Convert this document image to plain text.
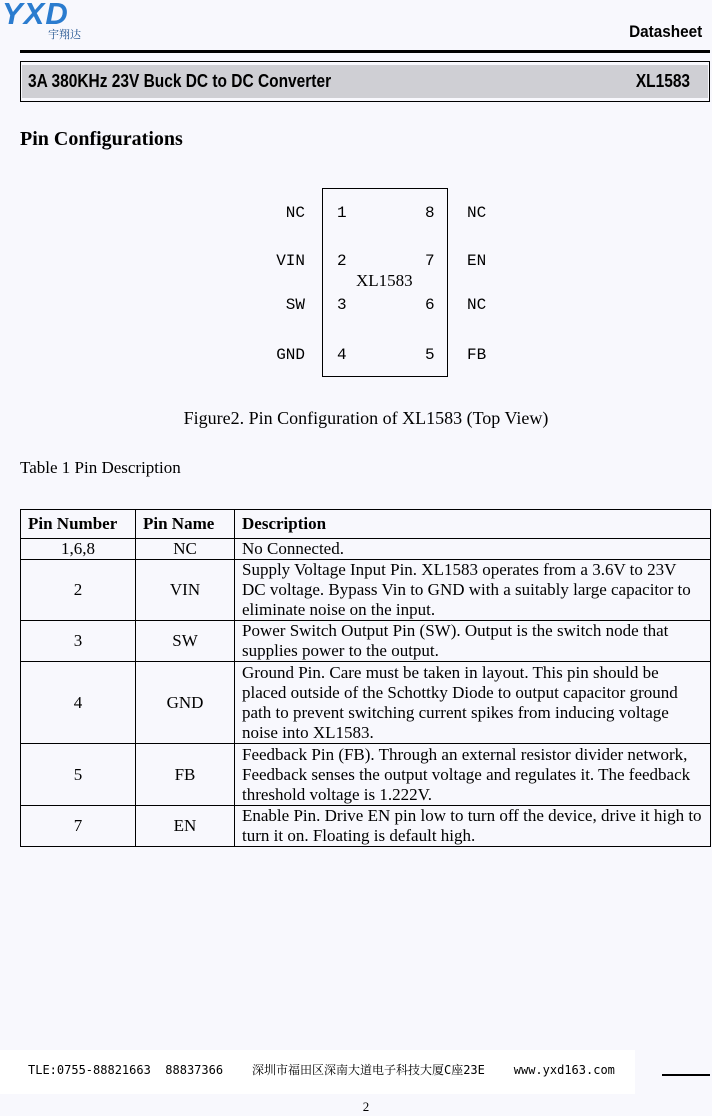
YXD
宇翔达	Datasheet
3A 380KHz 23V Buck DC to DC Converter	XL1583
Pin Configurations
XL1583
NC
VIN
SW
GND
1
2
3
4
8
7
6
5
NC
EN
NC
FB
Figure2. Pin Configuration of XL1583 (Top View)
Table 1 Pin Description
Pin Number	Pin Name	Description
1,6,8	NC	No Connected.
2	VIN	Supply Voltage Input Pin. XL1583 operates from a 3.6V to 23V DC voltage. Bypass Vin to GND with a suitably large capacitor to eliminate noise on the input.
3	SW	Power Switch Output Pin (SW). Output is the switch node that supplies power to the output.
4	GND	Ground Pin. Care must be taken in layout. This pin should be placed outside of the Schottky Diode to output capacitor ground path to prevent switching current spikes from inducing voltage noise into XL1583.
5	FB	Feedback Pin (FB). Through an external resistor divider network, Feedback senses the output voltage and regulates it. The feedback threshold voltage is 1.222V.
7	EN	Enable Pin. Drive EN pin low to turn off the device, drive it high to turn it on. Floating is default high.
TLE:0755-88821663  88837366    深圳市福田区深南大道电子科技大厦C座23E    www.yxd163.com
2
